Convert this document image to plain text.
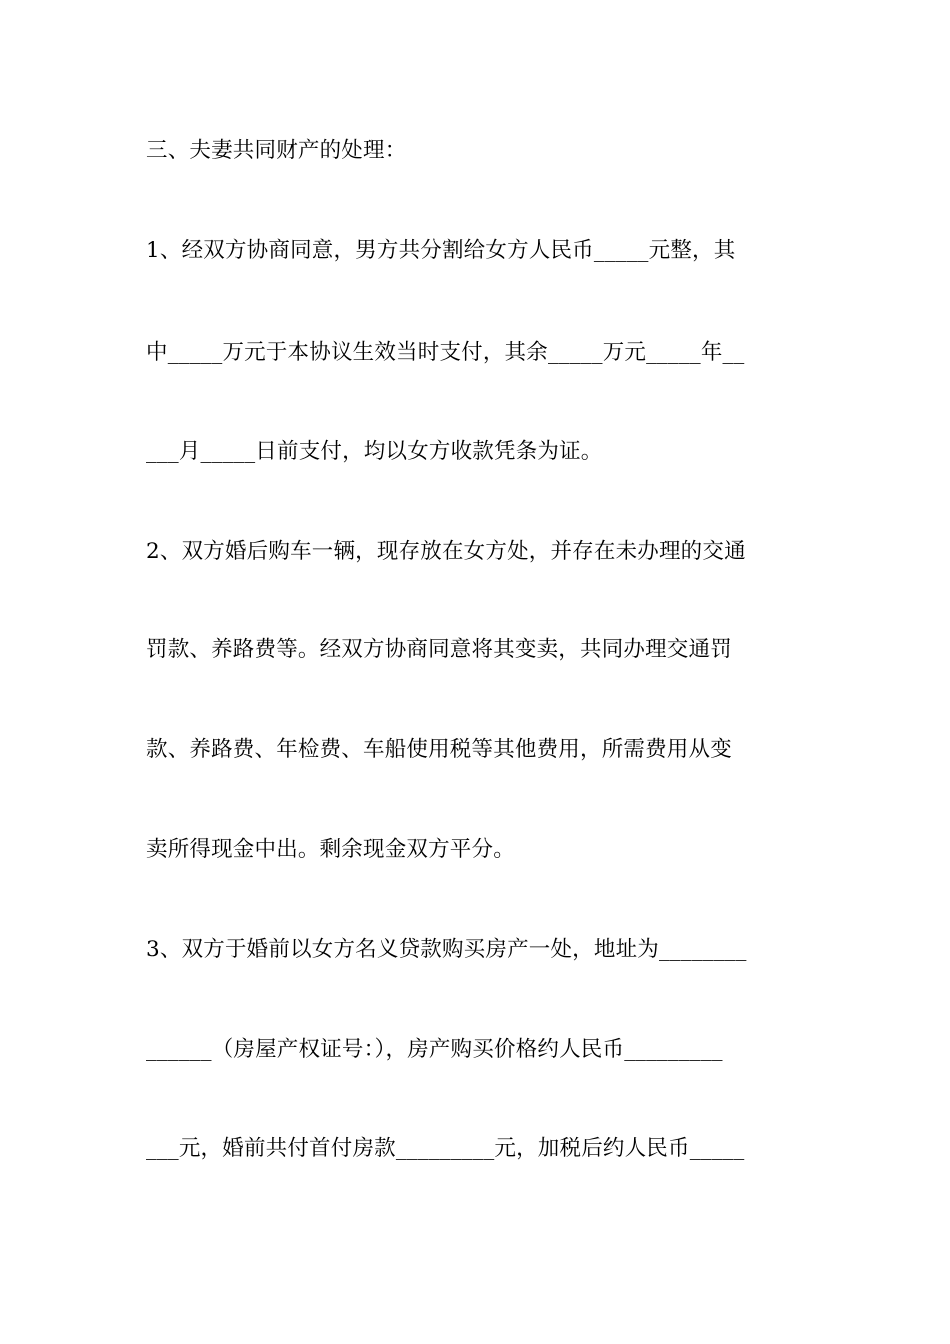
三、夫妻共同财产的处理：
1、经双方协商同意，男方共分割给女方人民币_____元整，其
中_____万元于本协议生效当时支付，其余_____万元_____年__
___月_____日前支付，均以女方收款凭条为证。
2、双方婚后购车一辆，现存放在女方处，并存在未办理的交通
罚款、养路费等。经双方协商同意将其变卖，共同办理交通罚
款、养路费、年检费、车船使用税等其他费用，所需费用从变
卖所得现金中出。剩余现金双方平分。
3、双方于婚前以女方名义贷款购买房产一处，地址为________
______（房屋产权证号：），房产购买价格约人民币_________
___元，婚前共付首付房款_________元，加税后约人民币_____
